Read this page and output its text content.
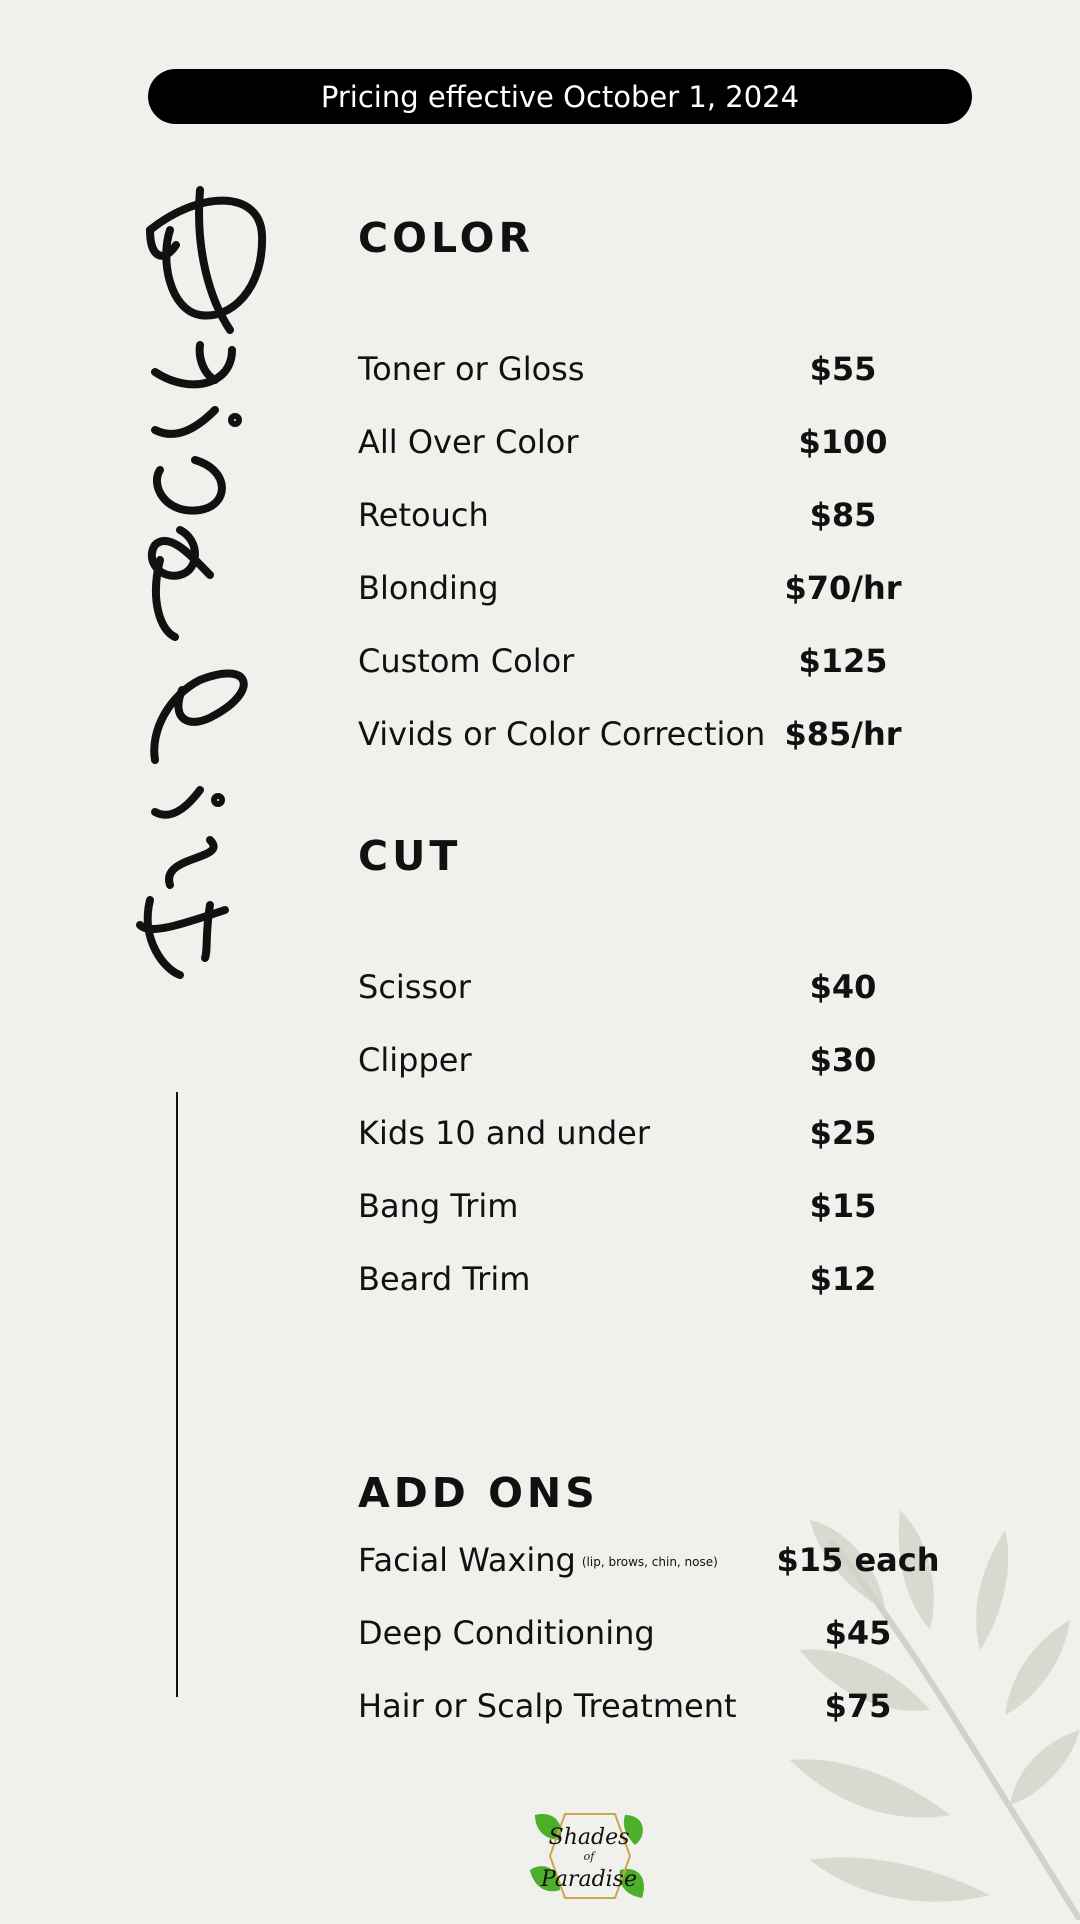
Pricing effective October 1, 2024
COLOR
Toner or Gloss	$55
All Over Color	$100
Retouch	$85
Blonding	$70/hr
Custom Color	$125
Vivids or Color Correction $85/hr
CUT
Scissor	$40
Clipper	$30
Kids 10 and under	$25
Bang Trim	$15
Beard Trim	$12
ADD ONS
Facial Waxing (lip, brows, chin, nose)	$15 each
Deep Conditioning	$45
Hair or Scalp Treatment	$75
Shades
of
Paradise
